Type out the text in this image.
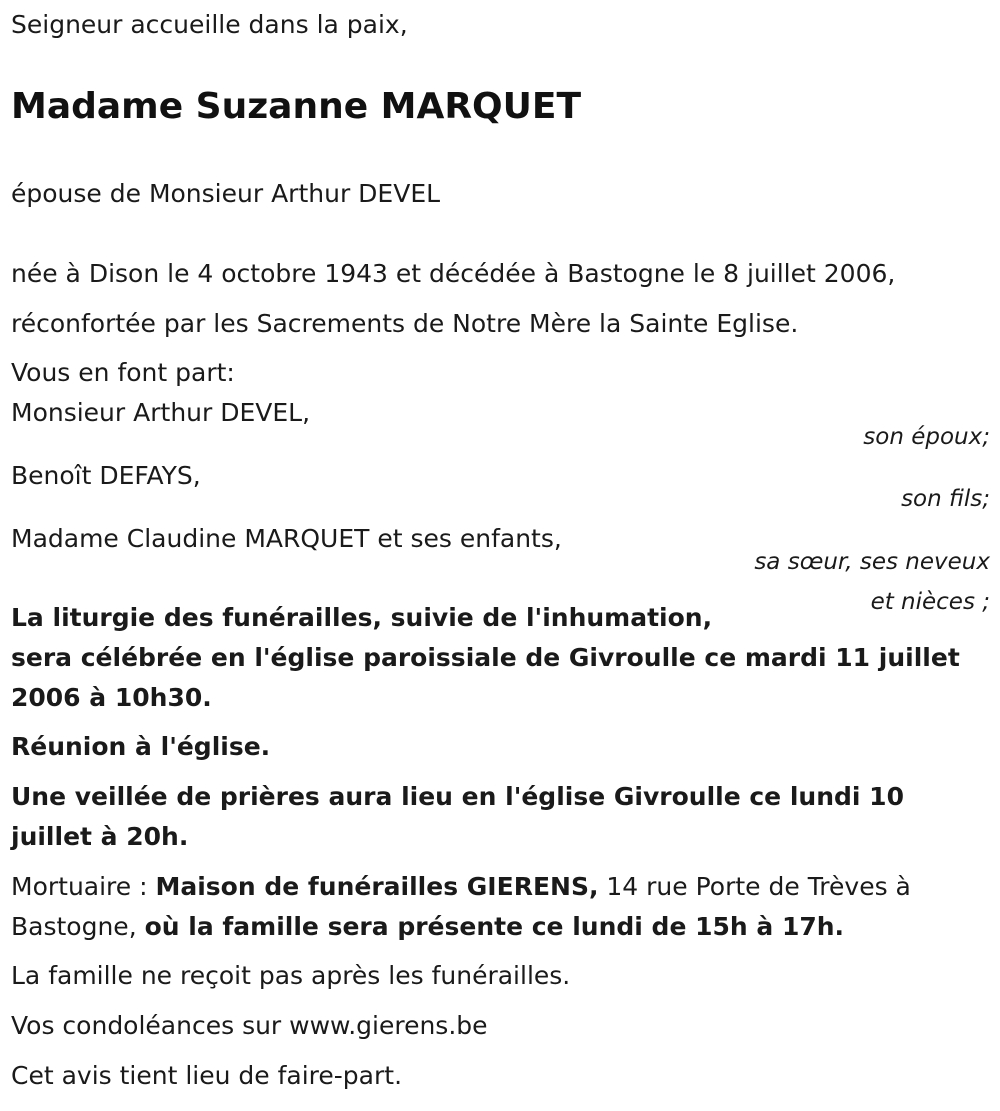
Seigneur accueille dans la paix,

Madame Suzanne MARQUET

épouse de Monsieur Arthur DEVEL

née à Dison le 4 octobre 1943 et décédée à Bastogne le 8 juillet 2006,

réconfortée par les Sacrements de Notre Mère la Sainte Eglise.

Vous en font part:

Monsieur Arthur DEVEL,

son époux;

Benoît DEFAYS,

son fils;

Madame Claudine MARQUET et ses enfants,

sa sœur, ses neveux
et nièces ;

La liturgie des funérailles, suivie de l'inhumation,

sera célébrée en l'église paroissiale de Givroulle ce mardi 11 juillet

2006 à 10h30.

Réunion à l'église.

Une veillée de prières aura lieu en l'église Givroulle ce lundi 10 juillet à 20h.

Mortuaire : Maison de funérailles GIERENS, 14 rue Porte de Trèves à Bastogne, où la famille sera présente ce lundi de 15h à 17h.

La famille ne reçoit pas après les funérailles.

Vos condoléances sur www.gierens.be

Cet avis tient lieu de faire-part.
